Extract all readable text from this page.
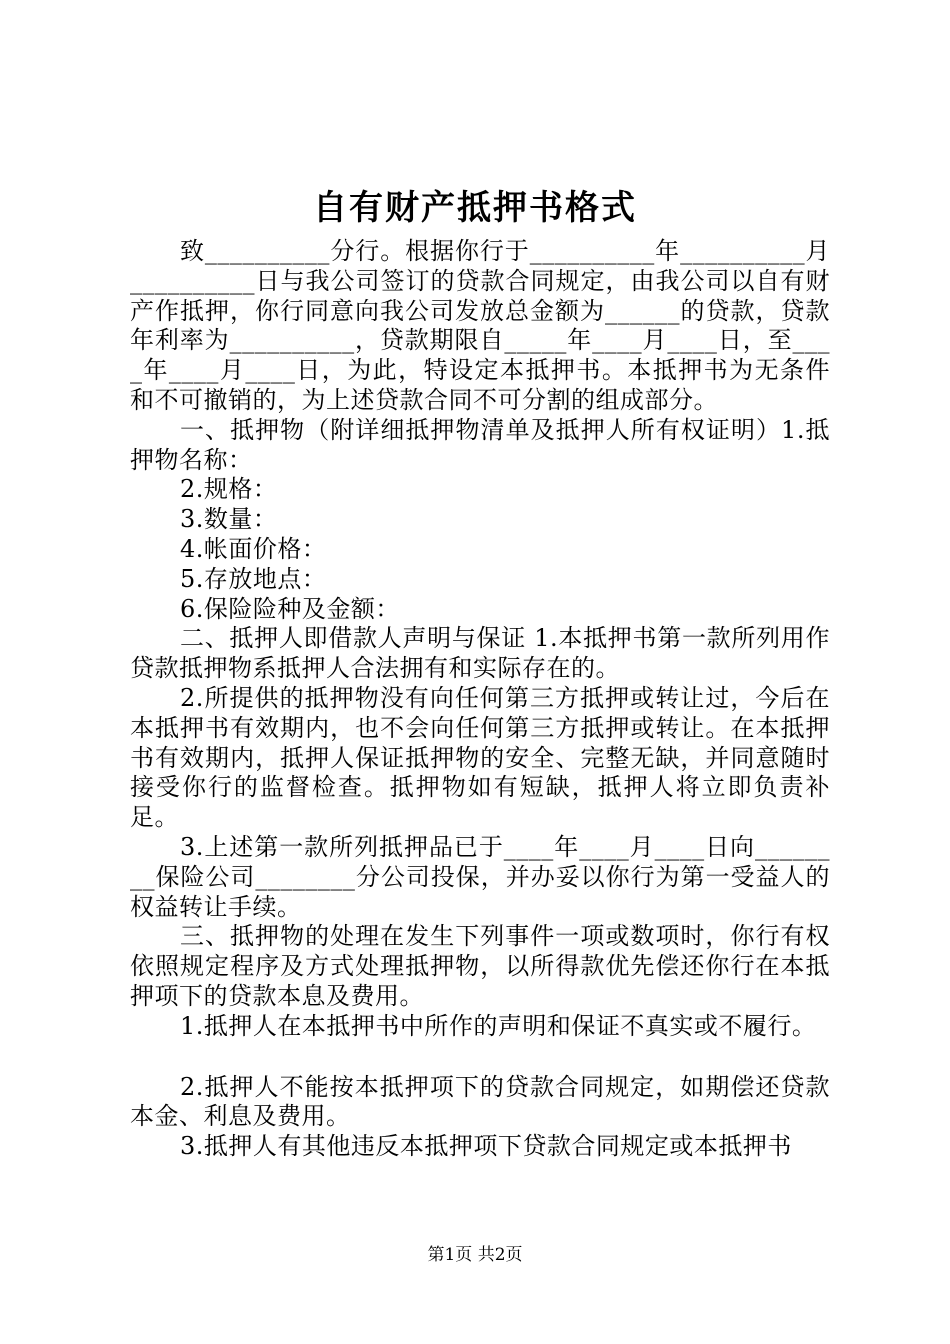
自有财产抵押书格式

致__________分行。根据你行于__________年__________月__________日与我公司签订的贷款合同规定，由我公司以自有财产作抵押，你行同意向我公司发放总金额为______的贷款，贷款年利率为__________，贷款期限自_____年____月____日，至____年____月____日，为此，特设定本抵押书。本抵押书为无条件和不可撤销的，为上述贷款合同不可分割的组成部分。

一、抵押物（附详细抵押物清单及抵押人所有权证明）1.抵押物名称：

2.规格：

3.数量：

4.帐面价格：

5.存放地点：

6.保险险种及金额：

二、抵押人即借款人声明与保证 1.本抵押书第一款所列用作贷款抵押物系抵押人合法拥有和实际存在的。

2.所提供的抵押物没有向任何第三方抵押或转让过，今后在本抵押书有效期内，也不会向任何第三方抵押或转让。在本抵押书有效期内，抵押人保证抵押物的安全、完整无缺，并同意随时接受你行的监督检查。抵押物如有短缺，抵押人将立即负责补足。

3.上述第一款所列抵押品已于____年____月____日向________保险公司________分公司投保，并办妥以你行为第一受益人的权益转让手续。

三、抵押物的处理在发生下列事件一项或数项时，你行有权依照规定程序及方式处理抵押物，以所得款优先偿还你行在本抵押项下的贷款本息及费用。

1.抵押人在本抵押书中所作的声明和保证不真实或不履行。

2.抵押人不能按本抵押项下的贷款合同规定，如期偿还贷款本金、利息及费用。

3.抵押人有其他违反本抵押项下贷款合同规定或本抵押书

第1页 共2页
